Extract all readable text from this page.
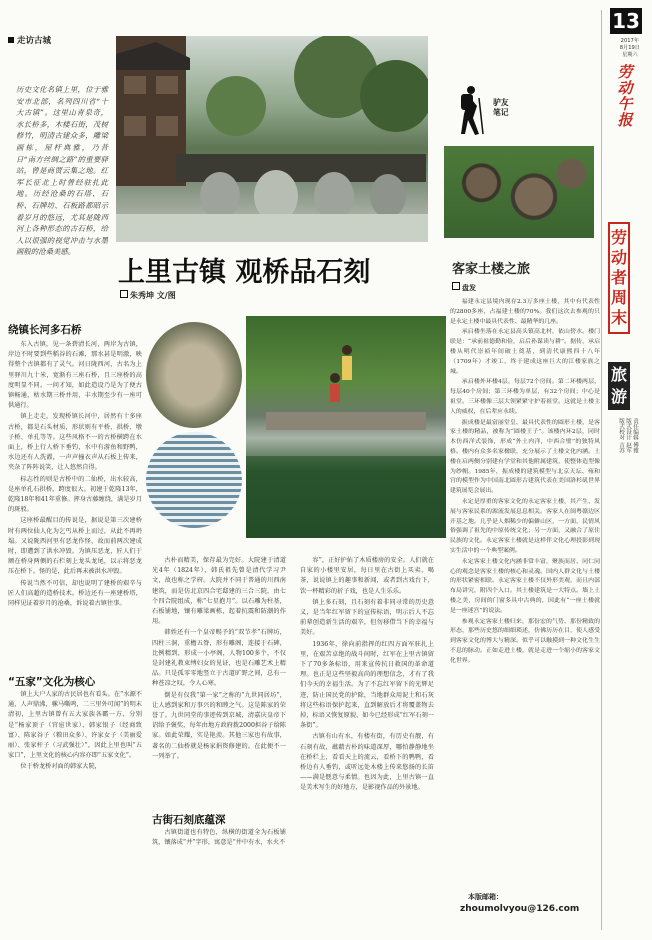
走访古城
历史文化名镇上里，位于雅安市北部，名列四川省“十大古镇”。这里山青泉奇，水长桥多，木楼石街，茂树修竹，明清古建众多，雕梁画栋，屋杆典雅，乃昔日“南方丝绸之路”的重要驿站，曾是商贾云集之地。红军长征北上时曾经驻扎此地。历经沧桑的石塔、石桥、石牌坊、石板路都昭示着岁月的悠远，尤其是陇西河上各种形态的古石桥，给人以很强的视觉冲击与水墨画般的沧桑美感。
上里古镇 观桥品石刻
朱秀坤 文/图
13
2017年
8月19日
星期六
劳动午报
驴友
笔记
劳动者周末
旅游
责任编辑 傅雅
版式设计 赵军
版式校对 吉苏
客家土楼之旅
盘发

福建永定县境内现存2.3万多座土楼，其中有代表性的2800多座，占福建土楼的70%。我们这次去参观的只是永定土楼中最具代表性、最精华的几座。

承启楼坐落在永定县高头镇高北村，依山傍水。楼门联是：“承前祖德勤和俭，启后孙谋读与耕”。据传，承启楼从明代崇祯年间破土奠基，到清代康熙四十八年（1709年）才竣工，终于建成这座巨大的江楼家族之城。

承启楼外环楼4层，每层72个房间。第二环楼两层，每层40个房间；第三环楼为单层，有32个房间；中心是祖堂。三环楼像三层大领紧紧守护着祖堂。这就是土楼主人的威权，在后辈应永续。

振成楼是最富丽堂皇、最具代表性的圆形土楼，是客家土楼的精品，被称为“圆楼王子”。该楼内环2层，同时本仿西洋式装饰，形成“外土内洋，中西合璧”的独特风格。楼内有众多名家楹联，充分展示了土楼文化内涵。土楼在启两侧分别建有学堂和其他附属建筑，使整体造型像为纱帽。1985年，振成楼的建筑模型与北京天坛、雍和宫的模型作为中国南北圆形古建筑代表在美国洛杉矶世界建筑展览会展出。

永定是厚重的客家文化的永定客家土楼，其产生、发展与客家民系的源流发展息息相关。客家人在闽粤赣边区开基之地，几乎是人烟稀少的偏僻山区，一方面，民情风俗强调了祖先的中原传统文化；另一方面，又融合了原住民族的文化。永定客家土楼就是这样伴文化心理投影到现实生活中的一个典型案例。

永定客家土楼文化内涵非常丰富，聚族而居、同仁同心的观念是客家土楼的核心和灵魂。国内人群文化与土楼的形状紧密相联。永定客家土楼不仅外形美观，而且内部布局讲究，附四个入口。其土楼建筑是一大特点。墙上土楼之美，房间的门窗多具中古典的，因此有“一座土楼就是一座迷宫”的说法。

参观永定客家土楼归来，那份宏的气势、那份精致的形态，那些历史悠的细细琐述，仿佛历历在目，使人感受到客家文化的博大与精深。似乎可以触摸到一种文化生生不息的脉动。正如走进土楼，就是走进一个缩小的客家文化世界。

本版邮箱：
zhoumolvyou@126.com
绕镇长河多石桥

东入古镇，见一条碧清长河，两岸为古镇，岸边不时要到些稻谷的石滩，那水甚是明澈，映得整个古镇都有了灵气。河日陇西河，古名为上里驿川九十米，宽渐有三座石桥，且三座桥的高度明显不同。一问才知，如此造设乃是为了便古镇畅通，枯水期三桥并用，丰水期至少有一座可供通行。

镇上走走，发现桥镇长河中，居然有十多座古桥，都是石头材质，形状则有平桥、拱桥、墩子桥、单孔等等。这些风格不一的古桥横跨在水面上，桥上行人桥下垂钓，水中有游鱼和野鸭，水边还有人洗濯，一声声撞衣声从石板上传来，夹杂了阵阵说笑，让人悠然自得。

标志性的则是古桥中的二仙桥，出水较高，是座单孔石拱桥，跨度很大。初建于乾隆13年，乾隆18年和41年重修。挥身古藤缠绕，满是岁月的斑驳。

这座桥最醒目的传说是，据说是第三次建桥时有两位仙人化为乞丐从桥上而过，从此不再坍塌。又说陇西河里有恶龙作怪，故而前两次建成时，即遭到了洪水冲毁。为镇压恶龙，匠人们于额在桥身两侧的石栏刻上龙头龙尾，以示将恶龙压在桥下。怪的是，此后再未被洪水冲毁。

传说当然不可信，却也说明了建桥的艰辛与匠人们高超的造桥技术。桥边还有一座建桥塔，同样见证着岁月的沧桑，诉说着古镇往事。

“五家”文化为核心

镇上大户人家的古民居也有看头。在“水源不通，人声鼎沸，骡马嘶鸣，二三里外可闻”的明末清初，上里古镇曾有五大家族各霸一方，分别是“杨家顶子（官宦世家）、韩家银子（经商致富）、陈家谷子（粮田众多）、许家女子（美丽爱丽）、张家杆子（习武强壮）”，因此上里也叫“五家口”，上里文化的核心内容亦即“五家文化”。

位于桥龙桥对面的韩家大院，

古朴而精美，保存最为完好。大院建于清道光4年（1824年），韩氏祖先曾是清代学习尹文，故也称之学府。大院并不同于普通的川西南建筑，而是仿北京四合宅邸建的三合三院，由七个四合院组成，称“七星抱月”。以石雕为柱基，石板铺地，镶有雕梁画栋，起着抗震和防潮的作用。

韩姓还有一个皇帝赐予的“双节孝”石牌坊，四柱三洞，重檐五脊，形有雕阁，连接于石碑，比例精到，形成一小亭阁，人物100多个，不仅是封建礼教束缚妇女的见证，也是石雕艺术上精品。只是孤零零地竖立于古道旷野之间，总有一种苍凉之叹，令人心寒。

倒是有仅我“第一家”之称的“九世同居坊”，让人感到家和万事兴的和睦之气。这是陈家的荣誉了。九世同堂的事迹传到京城，清嘉庆皇帝下诏给予褒奖，每年由地方政府拨2000担谷子给陈家。如此荣耀，实是艳羡。其他三家也有故事，著名的二仙桥就是杨家捐资修建的。在此便不一一列举了。

古街石刻底蕴深

古镇街道也有特色，纵横的街道全为石板铺筑，镶落成“井”字形，寓意是“井中有水，水火不

容”，正好护佑了木质楼房的安全。人们就在自家的小楼里安居，每日里在古街上买卖，喝茶，说说镇上的趣事和新闻，或者到古戏台下，饮一杯精彩的折子戏，也是人生乐乐。

镇上多石刻，且石刻有着非同寻常的历史意义，是当年红军留下的宣传标语，明示后人不忘前辈创造新生活的艰辛，但勿移借当下的幸福与美好。

1936年，徐向前指挥的红四方面军驻扎上里，在艰苦卓绝的战斗间时，红军在上里古镇留下了70多条标语，用来宣传抗日救国的革命道理。也正是这些坚毅高尚的理想信念，才有了我们今天的幸福生活。为了不忘红军留下的光辉足迹，防止国民党的护除，当地群众用泥土和石灰将这些标语保护起来，直到解放后才将覆盖物去掉，标语又恢复原貌，如今已经形成“红军石刻一条街”。

古镇有山有水，有楼有街，有历史有靓，有石刻有故，蕴藉古朴的味道深厚，哪怕静静地坐在桥栏上，看看天上的流云，看桥下的鸭鸭，看桥边有人垂钓，或听远处木楼上传来悠扬的长笛——满是惬意与柔情。也因为此，上里古镇一直是美术写生的好地方，是影视作品的外景地。
